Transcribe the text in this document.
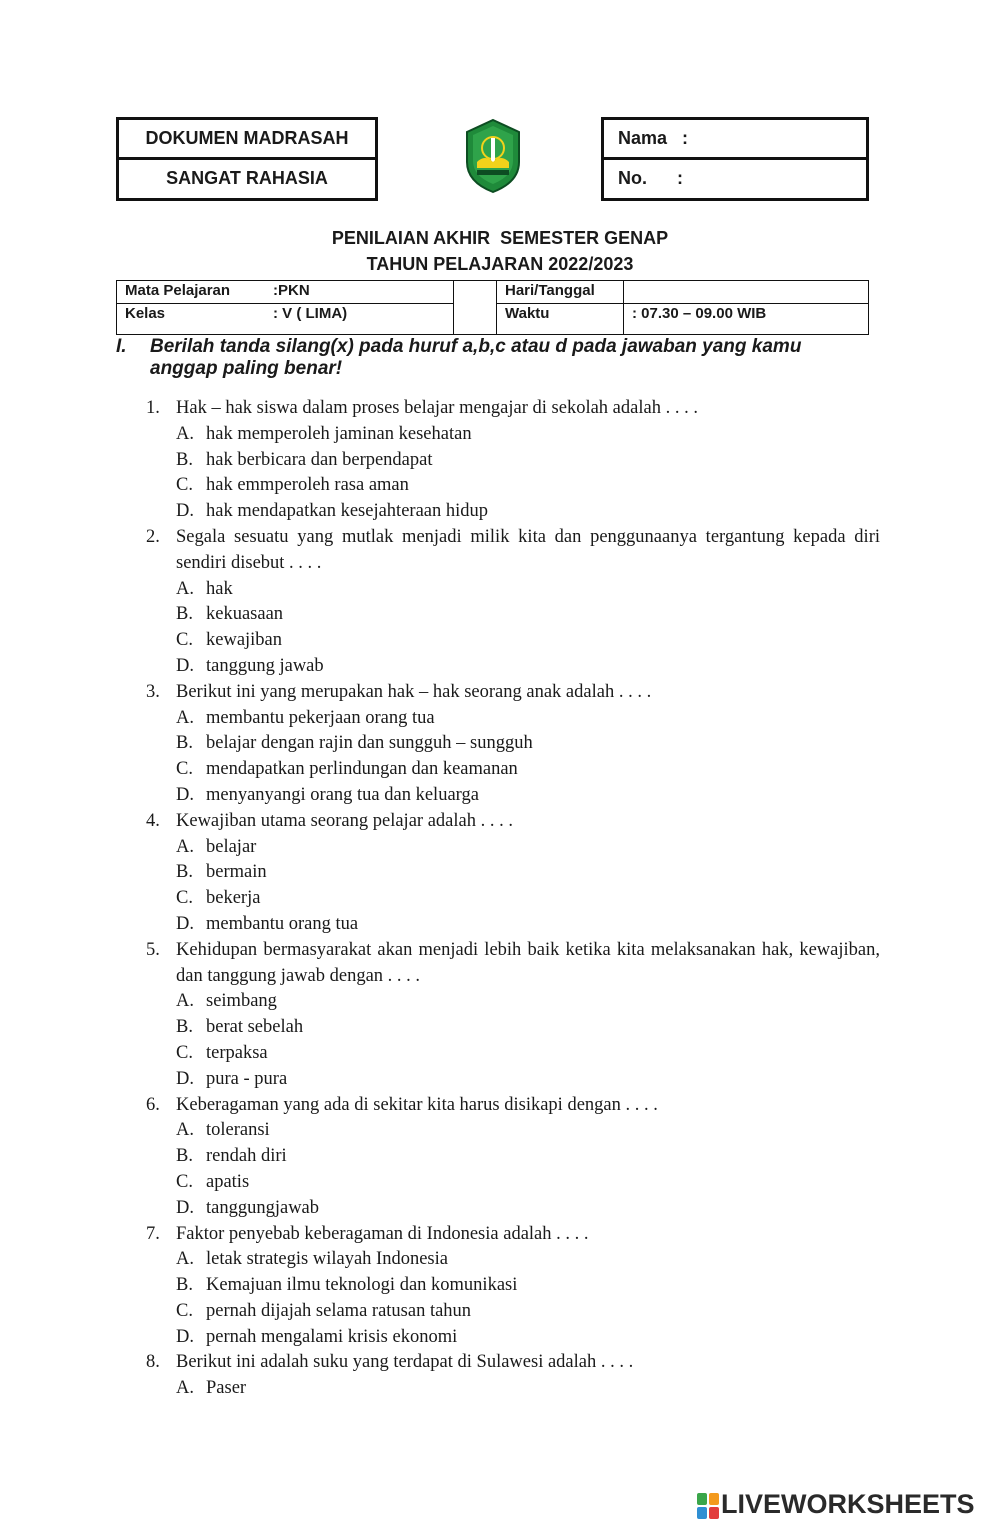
DOKUMEN MADRASAH
SANGAT RAHASIA
Nama   :
No.      :
PENILAIAN AKHIR  SEMESTER GENAP
TAHUN PELAJARAN 2022/2023
Mata Pelajaran :PKN		Hari/Tanggal	
Kelas : V ( LIMA)		Waktu	: 07.30 – 09.00 WIB
I. Berilah tanda silang(x) pada huruf a,b,c atau d pada jawaban yang kamu anggap paling benar!
1. Hak – hak siswa dalam proses belajar mengajar di sekolah adalah . . . .
A. hak memperoleh jaminan kesehatan
B. hak berbicara dan berpendapat
C. hak emmperoleh rasa aman
D. hak mendapatkan kesejahteraan hidup
2. Segala sesuatu yang mutlak menjadi milik kita dan penggunaanya tergantung kepada diri sendiri disebut . . . .
A. hak
B. kekuasaan
C. kewajiban
D. tanggung jawab
3. Berikut ini yang merupakan hak – hak seorang anak adalah . . . .
A. membantu pekerjaan orang tua
B. belajar dengan rajin dan sungguh – sungguh
C. mendapatkan perlindungan dan keamanan
D. menyanyangi orang tua dan keluarga
4. Kewajiban utama seorang pelajar adalah . . . .
A. belajar
B. bermain
C. bekerja
D. membantu orang tua
5. Kehidupan bermasyarakat akan menjadi lebih baik ketika kita melaksanakan hak, kewajiban, dan tanggung jawab dengan . . . .
A. seimbang
B. berat sebelah
C. terpaksa
D. pura - pura
6. Keberagaman yang ada di sekitar kita harus disikapi dengan . . . .
A. toleransi
B. rendah diri
C. apatis
D. tanggungjawab
7. Faktor penyebab keberagaman di Indonesia adalah . . . .
A. letak strategis wilayah Indonesia
B. Kemajuan ilmu teknologi dan komunikasi
C. pernah dijajah selama ratusan tahun
D. pernah mengalami krisis ekonomi
8. Berikut ini adalah suku yang terdapat di Sulawesi adalah . . . .
A. Paser
LIVEWORKSHEETS
